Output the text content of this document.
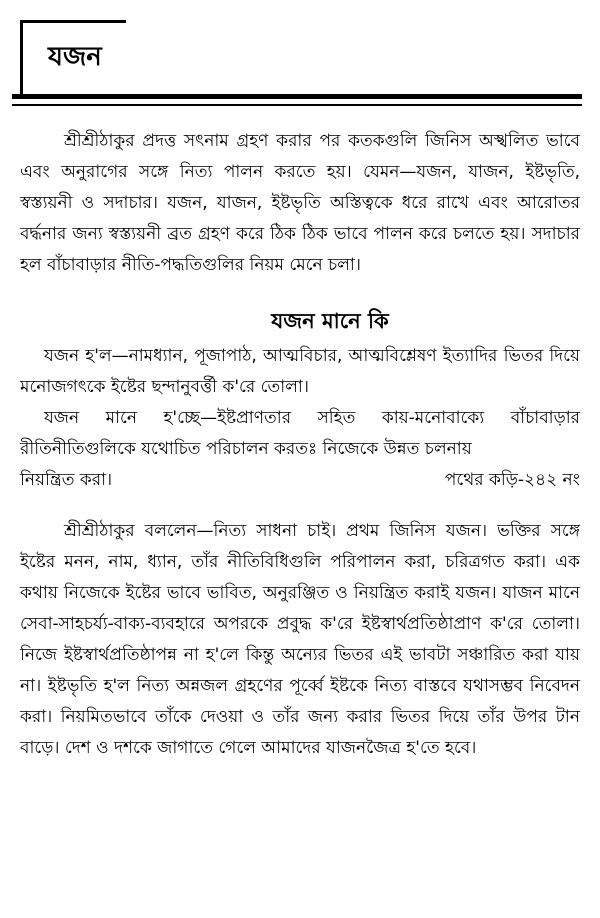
যজন

শ্রীশ্রীঠাকুর প্রদত্ত সৎনাম গ্রহণ করার পর কতকগুলি জিনিস অস্খলিত ভাবে এবং অনুরাগের সঙ্গে নিত্য পালন করতে হয়। যেমন—যজন, যাজন, ইষ্টভৃতি, স্বস্ত্যয়নী ও সদাচার। যজন, যাজন, ইষ্টভৃতি অস্তিত্বকে ধরে রাখে এবং আরোতর বর্দ্ধনার জন্য স্বস্ত্যয়নী ব্রত গ্রহণ করে ঠিক ঠিক ভাবে পালন করে চলতে হয়। সদাচার হল বাঁচাবাড়ার নীতি-পদ্ধতিগুলির নিয়ম মেনে চলা।

যজন মানে কি

যজন হ'ল—নামধ্যান, পূজাপাঠ, আত্মবিচার, আত্মবিশ্লেষণ ইত্যাদির ভিতর দিয়ে মনোজগৎকে ইষ্টের ছন্দানুবর্ত্তী ক'রে তোলা।

যজন মানে হ'চ্ছে—ইষ্টপ্রাণতার সহিত কায়-মনোবাক্যে বাঁচাবাড়ার রীতিনীতিগুলিকে যথোচিত পরিচালন করতঃ নিজেকে উন্নত চলনায়

নিয়ন্ত্রিত করা।	পথের কড়ি-২৪২ নং

শ্রীশ্রীঠাকুর বললেন—নিত্য সাধনা চাই। প্রথম জিনিস যজন। ভক্তির সঙ্গে ইষ্টের মনন, নাম, ধ্যান, তাঁর নীতিবিধিগুলি পরিপালন করা, চরিত্রগত করা। এক কথায় নিজেকে ইষ্টের ভাবে ভাবিত, অনুরঞ্জিত ও নিয়ন্ত্রিত করাই যজন। যাজন মানে সেবা-সাহচর্য্য-বাক্য-ব্যবহারে অপরকে প্রবুদ্ধ ক'রে ইষ্টস্বার্থপ্রতিষ্ঠাপ্রাণ ক'রে তোলা। নিজে ইষ্টস্বার্থপ্রতিষ্ঠাপন্ন না হ'লে কিন্তু অন্যের ভিতর এই ভাবটা সঞ্চারিত করা যায় না। ইষ্টভৃতি হ'ল নিত্য অন্নজল গ্রহণের পূর্ব্বে ইষ্টকে নিত্য বাস্তবে যথাসম্ভব নিবেদন করা। নিয়মিতভাবে তাঁকে দেওয়া ও তাঁর জন্য করার ভিতর দিয়ে তাঁর উপর টান বাড়ে। দেশ ও দশকে জাগাতে গেলে আমাদের যাজনজৈত্র হ'তে হবে।
